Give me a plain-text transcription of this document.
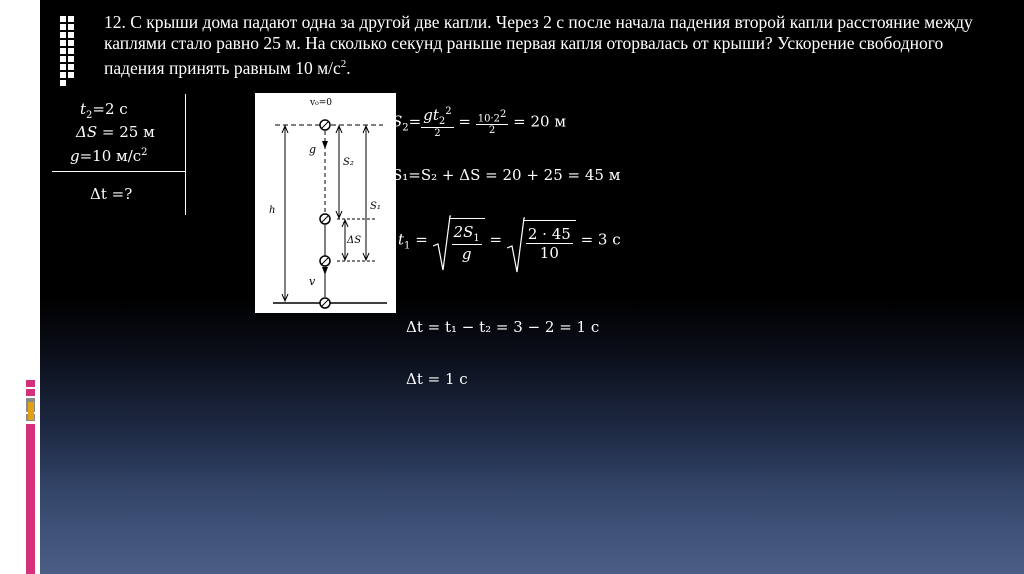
12. С крыши дома падают одна за другой две капли. Через 2 с после начала падения второй капли расстояние между каплями стало равно 25 м. На сколько секунд раньше первая капля оторвалась от крыши? Ускорение свободного падения принять равным 10 $м/с^2$.

$t_2=2$ с
ΔS = 25 м
g=10 $м/с^2$
Δt =?
v₀=0
g
S₂
S₁
h
ΔS
v
$S_2= \frac{gt_2^2}{2} = \frac{10\cdot 2^2}{2} = 20$ м
S₁=S₂ + ΔS = 20 + 25 = 45 м
$t_1 = \frac{2S_1}{g} = \frac{2 \cdot 45}{10} = 3$ с
Δt = t₁ − t₂ = 3 − 2 = 1 с
Δt = 1 с
